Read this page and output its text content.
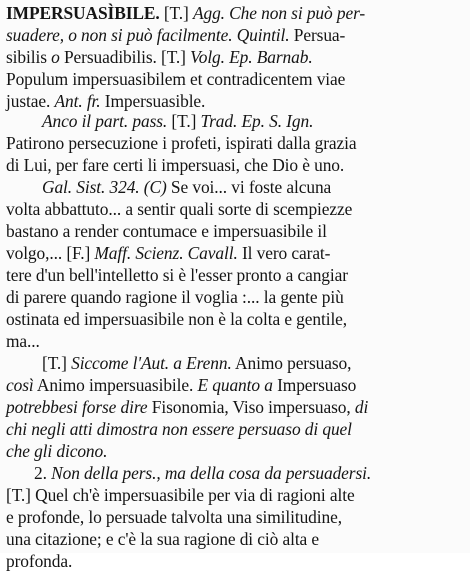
IMPERSUASÌBILE. [T.] Agg. Che non si può per-
suadere, o non si può facilmente. Quintil. Persua-
sibilis o Persuadibilis. [T.] Volg. Ep. Barnab.
Populum impersuasibilem et contradicentem viae
justae. Ant. fr. Impersuasible.
Anco il part. pass. [T.] Trad. Ep. S. Ign.
Patirono persecuzione i profeti, ispirati dalla grazia
di Lui, per fare certi li impersuasi, che Dio è uno.
Gal. Sist. 324. (C) Se voi... vi foste alcuna
volta abbattuto... a sentir quali sorte di scempiezze
bastano a render contumace e impersuasibile il
volgo,... [F.] Maff. Scienz. Cavall. Il vero carat-
tere d'un bell'intelletto si è l'esser pronto a cangiar
di parere quando ragione il voglia :... la gente più
ostinata ed impersuasibile non è la colta e gentile,
ma...
[T.] Siccome l'Aut. a Erenn. Animo persuaso,
così Animo impersuasibile. E quanto a Impersuaso
potrebbesi forse dire Fisonomia, Viso impersuaso, di
chi negli atti dimostra non essere persuaso di quel
che gli dicono.
2. Non della pers., ma della cosa da persuadersi.
[T.] Quel ch'è impersuasibile per via di ragioni alte
e profonde, lo persuade talvolta una similitudine,
una citazione; e c'è la sua ragione di ciò alta e
profonda.
